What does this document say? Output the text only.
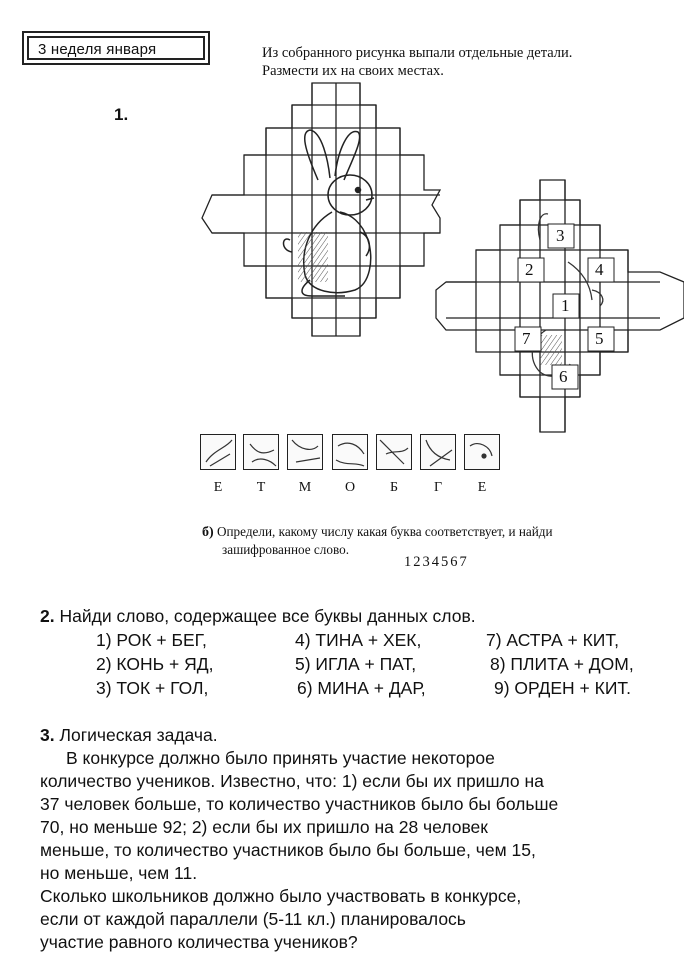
3 неделя января	Из собранного рисунка выпали отдельные детали.
Размести их на своих местах.
1.
3
2	4
1
7	5
6
Е	Т	М	О	Б	Г	Е
б) Определи, какому числу какая буква соответствует, и найди
зашифрованное слово.
1234567
2. Найди слово, содержащее все буквы данных слов.
1) РОК + БЕГ,	4) ТИНА + ХЕК,	7) АСТРА + КИТ,
2) КОНЬ + ЯД,	5) ИГЛА + ПАТ,	8) ПЛИТА + ДОМ,
3) ТОК + ГОЛ,	6) МИНА + ДАР,	9) ОРДЕН + КИТ.
3. Логическая задача.
В конкурсе должно было принять участие некоторое
количество учеников. Известно, что: 1) если бы их пришло на
37 человек больше, то количество участников было бы больше
70, но меньше 92; 2) если бы их пришло на 28 человек
меньше, то количество участников было бы больше, чем 15,
но меньше, чем 11.
Сколько школьников должно было участвовать в конкурсе,
если от каждой параллели (5-11 кл.) планировалось
участие равного количества учеников?
